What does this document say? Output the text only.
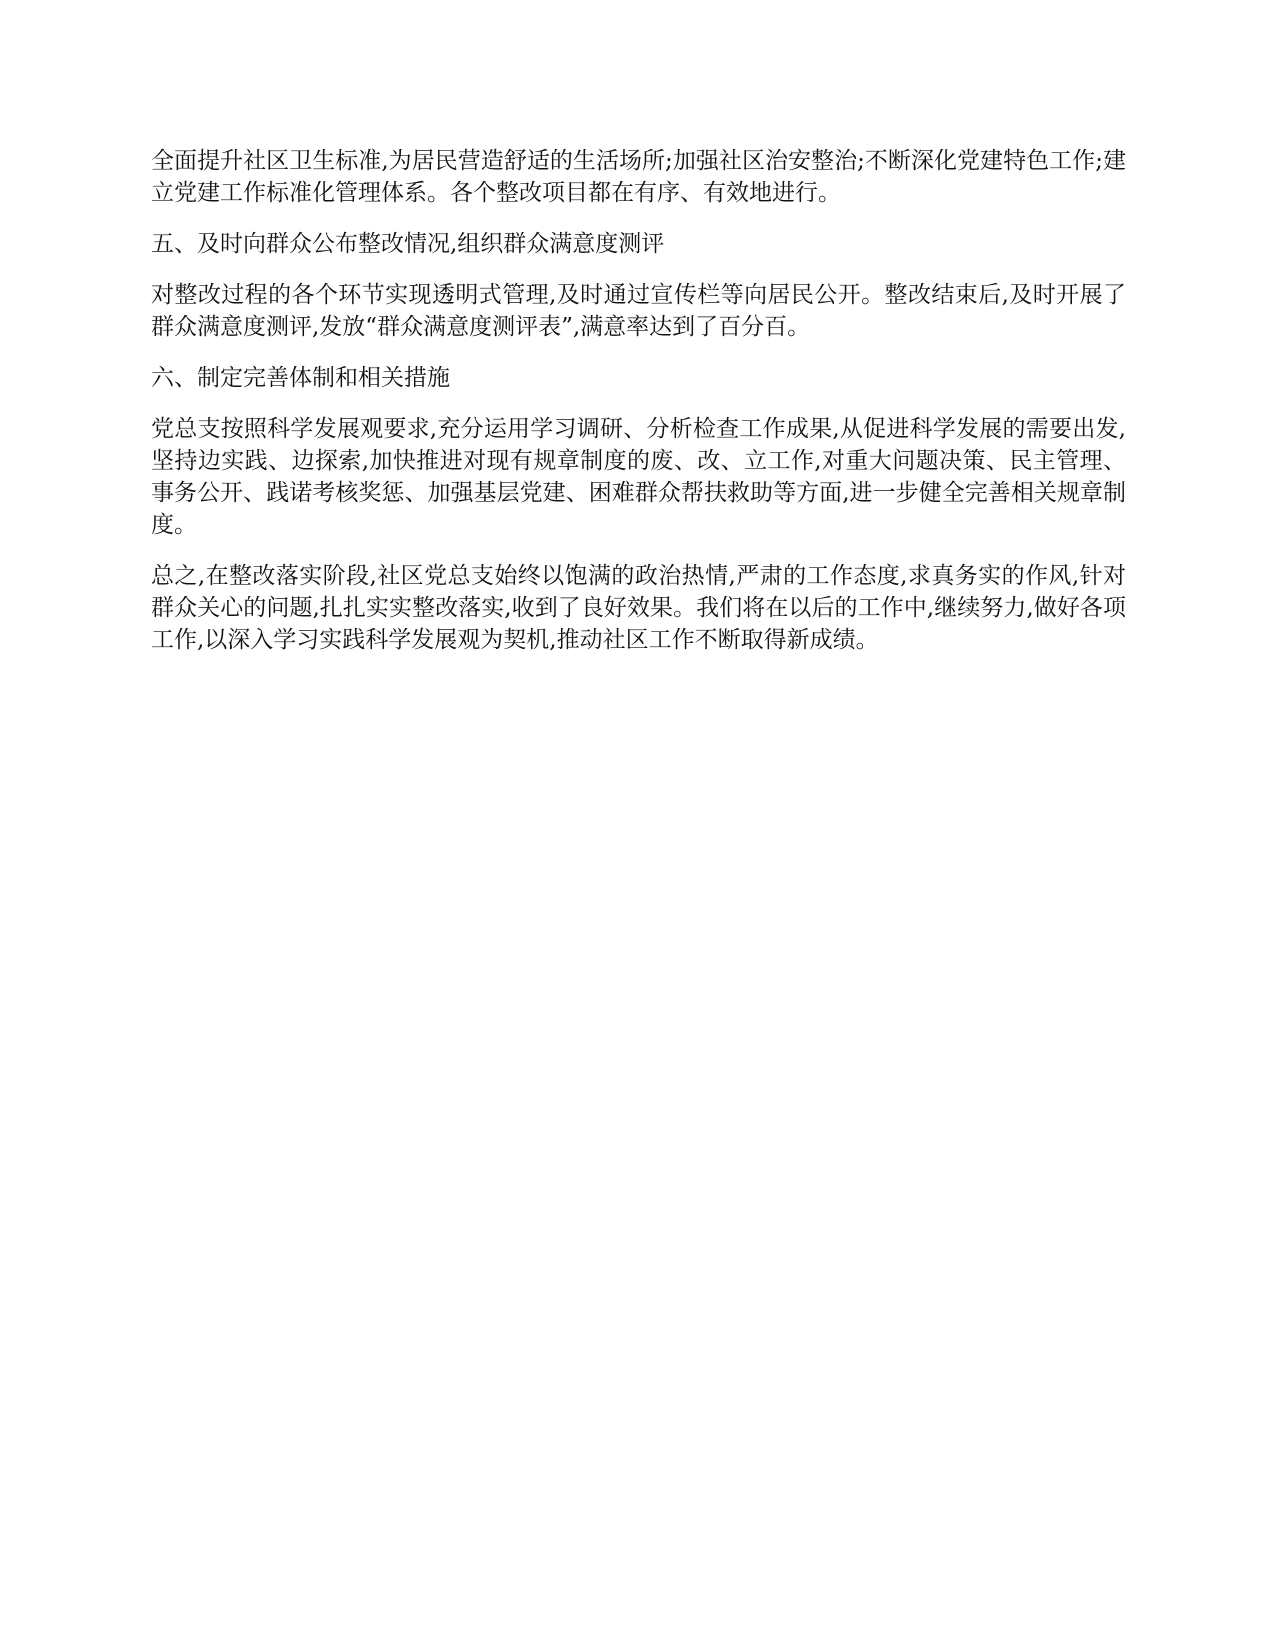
全面提升社区卫生标准,为居民营造舒适的生活场所;加强社区治安整治;不断深化党建特色工作;建立党建工作标准化管理体系。各个整改项目都在有序、有效地进行。

五、及时向群众公布整改情况,组织群众满意度测评

对整改过程的各个环节实现透明式管理,及时通过宣传栏等向居民公开。整改结束后,及时开展了群众满意度测评,发放“群众满意度测评表”,满意率达到了百分百。

六、制定完善体制和相关措施

党总支按照科学发展观要求,充分运用学习调研、分析检查工作成果,从促进科学发展的需要出发,坚持边实践、边探索,加快推进对现有规章制度的废、改、立工作,对重大问题决策、民主管理、事务公开、践诺考核奖惩、加强基层党建、困难群众帮扶救助等方面,进一步健全完善相关规章制度。

总之,在整改落实阶段,社区党总支始终以饱满的政治热情,严肃的工作态度,求真务实的作风,针对群众关心的问题,扎扎实实整改落实,收到了良好效果。我们将在以后的工作中,继续努力,做好各项工作,以深入学习实践科学发展观为契机,推动社区工作不断取得新成绩。
